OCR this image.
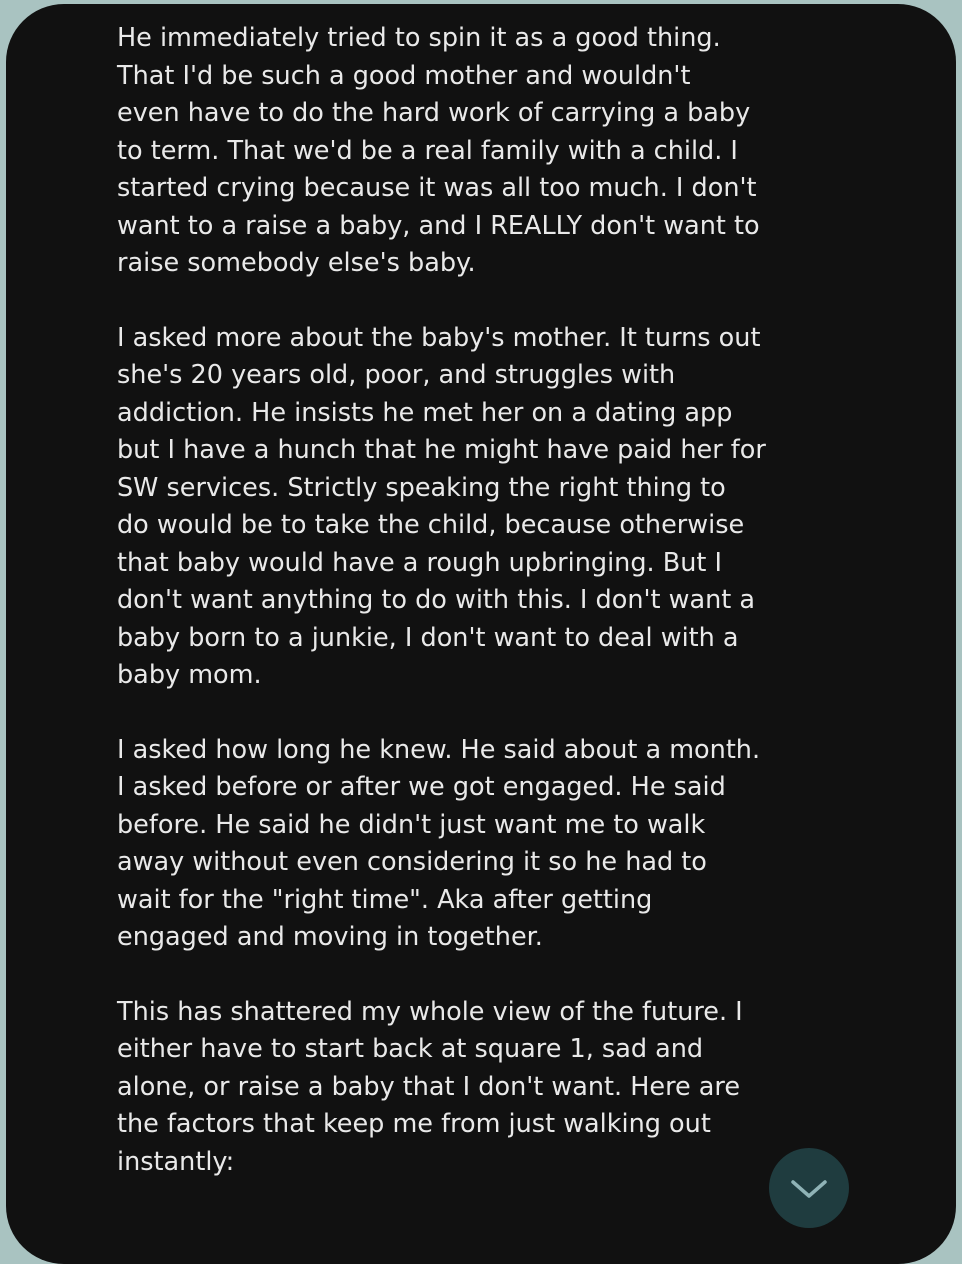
He immediately tried to spin it as a good thing.
That I'd be such a good mother and wouldn't
even have to do the hard work of carrying a baby
to term. That we'd be a real family with a child. I
started crying because it was all too much. I don't
want to a raise a baby, and I REALLY don't want to
raise somebody else's baby.

I asked more about the baby's mother. It turns out
she's 20 years old, poor, and struggles with
addiction. He insists he met her on a dating app
but I have a hunch that he might have paid her for
SW services. Strictly speaking the right thing to
do would be to take the child, because otherwise
that baby would have a rough upbringing. But I
don't want anything to do with this. I don't want a
baby born to a junkie, I don't want to deal with a
baby mom.

I asked how long he knew. He said about a month.
I asked before or after we got engaged. He said
before. He said he didn't just want me to walk
away without even considering it so he had to
wait for the "right time". Aka after getting
engaged and moving in together.

This has shattered my whole view of the future. I
either have to start back at square 1, sad and
alone, or raise a baby that I don't want. Here are
the factors that keep me from just walking out
instantly:
